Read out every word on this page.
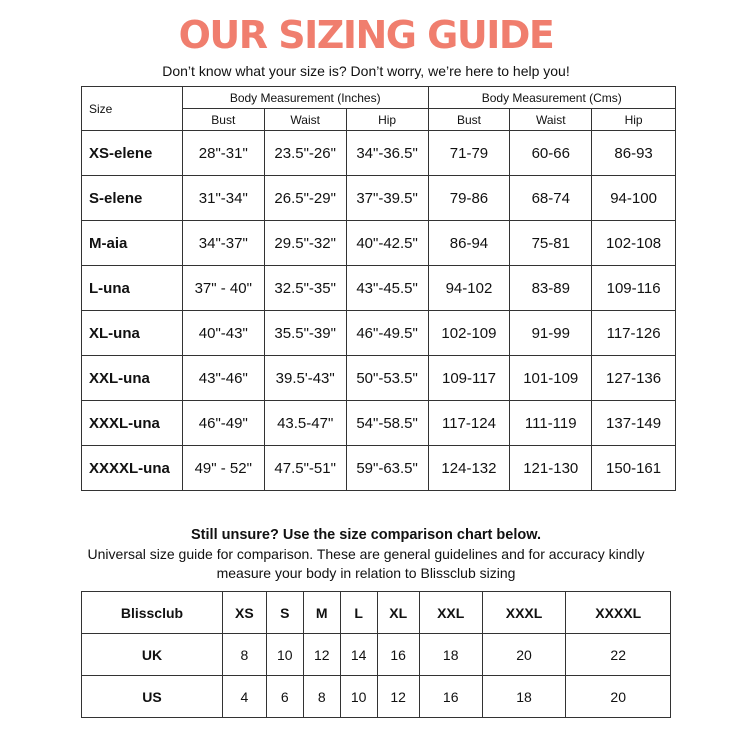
OUR SIZING GUIDE
Don’t know what your size is? Don’t worry, we’re here to help you!
Size	Body Measurement (Inches)			Body Measurement (Cms)		
	Bust	Waist	Hip	Bust	Waist	Hip
XS-elene	28"-31"	23.5"-26"	34"-36.5"	71-79	60-66	86-93
S-elene	31"-34"	26.5"-29"	37"-39.5"	79-86	68-74	94-100
M-aia	34"-37"	29.5"-32"	40"-42.5"	86-94	75-81	102-108
L-una	37" - 40"	32.5"-35"	43"-45.5"	94-102	83-89	109-116
XL-una	40"-43"	35.5"-39"	46"-49.5"	102-109	91-99	117-126
XXL-una	43"-46"	39.5'-43"	50"-53.5"	109-117	101-109	127-136
XXXL-una	46"-49"	43.5-47"	54"-58.5"	117-124	111-119	137-149
XXXXL-una	49" - 52"	47.5"-51"	59"-63.5"	124-132	121-130	150-161
Still unsure? Use the size comparison chart below.
Universal size guide for comparison. These are general guidelines and for accuracy kindly measure your body in relation to Blissclub sizing
Blissclub	XS	S	M	L	XL	XXL	XXXL	XXXXL
UK	8	10	12	14	16	18	20	22
US	4	6	8	10	12	16	18	20
